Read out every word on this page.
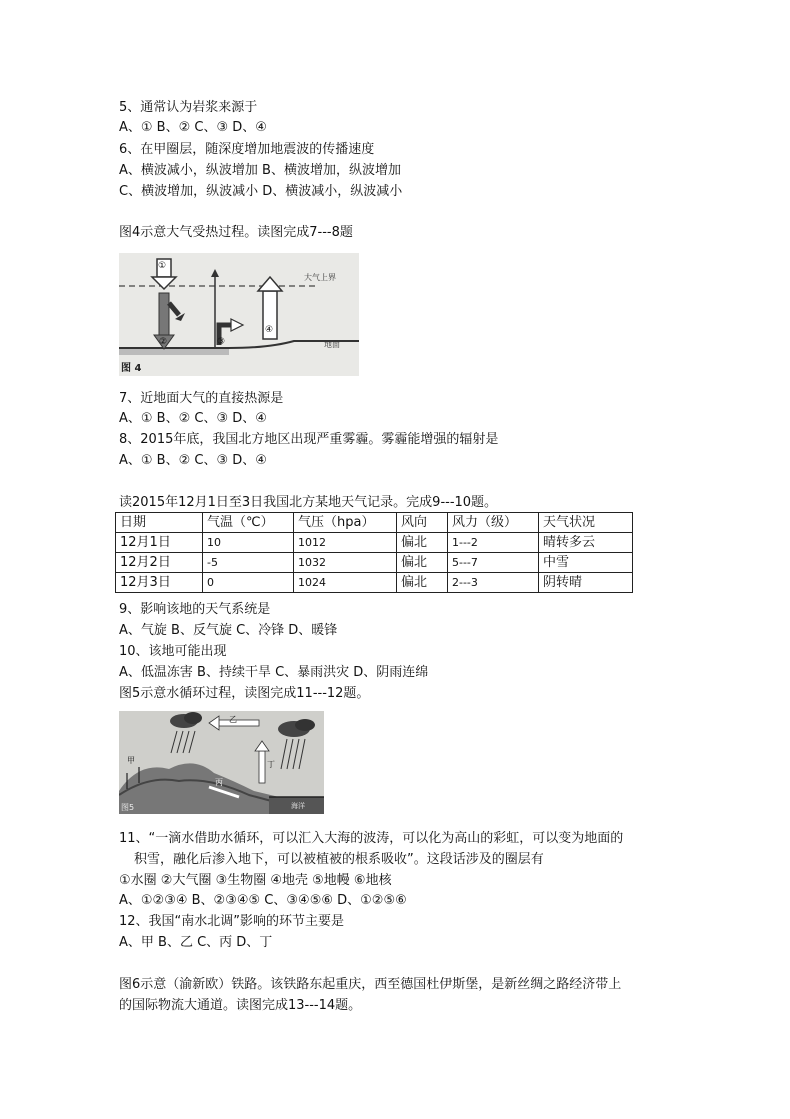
5、通常认为岩浆来源于
A、① B、② C、③ D、④
6、在甲圈层，随深度增加地震波的传播速度
A、横波减小，纵波增加 B、横波增加，纵波增加
C、横波增加，纵波减小 D、横波减小，纵波减小
图4示意大气受热过程。读图完成7---8题
大气上界
地面
图 4
①
②	③
④
7、近地面大气的直接热源是
A、① B、② C、③ D、④
8、2015年底，我国北方地区出现严重雾霾。雾霾能增强的辐射是
A、① B、② C、③ D、④
读2015年12月1日至3日我国北方某地天气记录。完成9---10题。
日期	气温（℃）	气压（hpa）	风向	风力（级）	天气状况
12月1日	10	1012	偏北	1---2	晴转多云
12月2日	-5	1032	偏北	5---7	中雪
12月3日	0	1024	偏北	2---3	阴转晴
9、影响该地的天气系统是
A、气旋 B、反气旋 C、冷锋 D、暖锋
10、该地可能出现
A、低温冻害 B、持续干旱 C、暴雨洪灾 D、阴雨连绵
图5示意水循环过程，读图完成11---12题。
甲
乙
丙
丁
海洋
图5
11、“一滴水借助水循环，可以汇入大海的波涛，可以化为高山的彩虹，可以变为地面的
积雪，融化后渗入地下，可以被植被的根系吸收”。这段话涉及的圈层有
①水圈 ②大气圈 ③生物圈 ④地壳 ⑤地幔 ⑥地核
A、①②③④ B、②③④⑤ C、③④⑤⑥ D、①②⑤⑥
12、我国“南水北调”影响的环节主要是
A、甲 B、乙 C、丙 D、丁
图6示意（渝新欧）铁路。该铁路东起重庆，西至德国杜伊斯堡，是新丝绸之路经济带上
的国际物流大通道。读图完成13---14题。
